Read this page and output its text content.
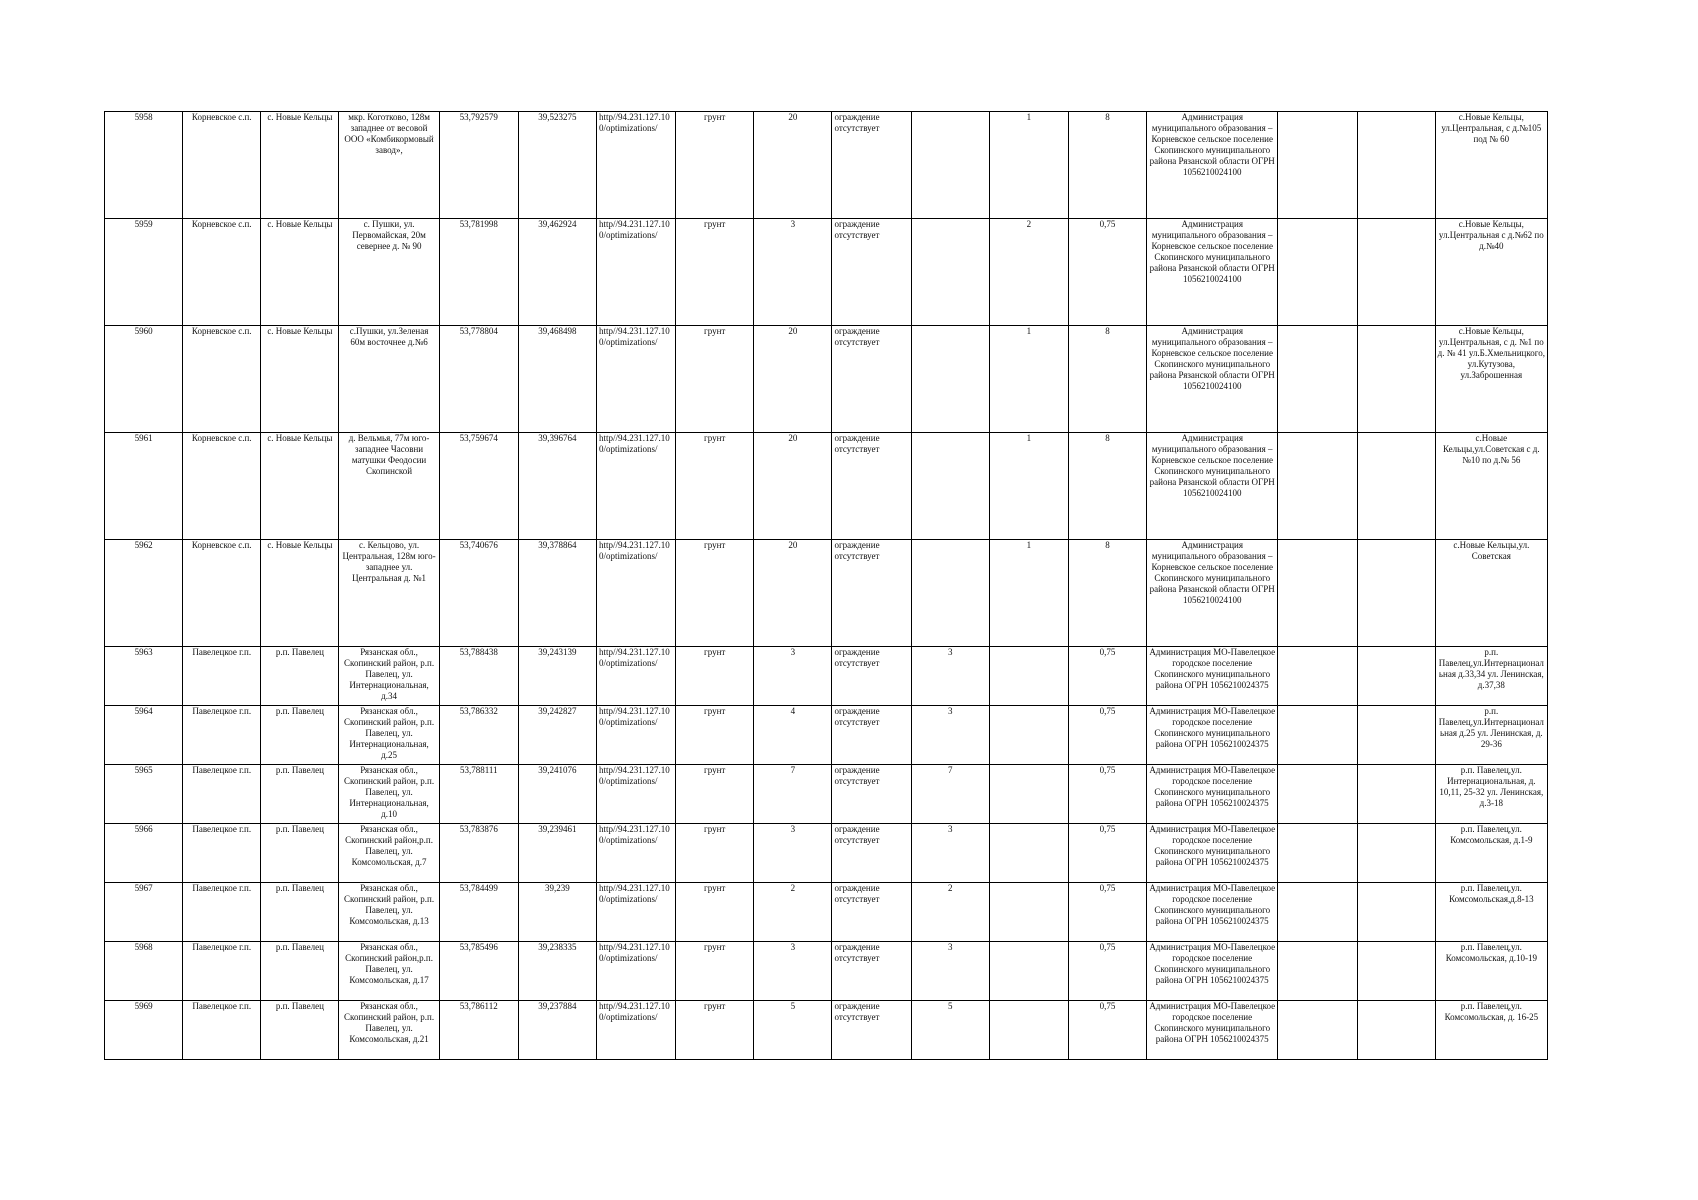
5958	Корневское с.п.	с. Новые Кельцы	мкр. Коготково, 128м западнее от весовой ООО «Комбикормовый завод»,	53,792579	39,523275	http//94.231.127.100/optimizations/	грунт	20	ограждение отсутствует		1	8	Администрация муниципального образования – Корневское сельское поселение Скопинского муниципального района Рязанской области ОГРН 1056210024100			с.Новые Кельцы, ул.Центральная, с д.№105 под № 60
5959	Корневское с.п.	с. Новые Кельцы	с. Пушки, ул. Первомайская, 20м севернее д. № 90	53,781998	39,462924	http//94.231.127.100/optimizations/	грунт	3	ограждение отсутствует		2	0,75	Администрация муниципального образования – Корневское сельское поселение Скопинского муниципального района Рязанской области ОГРН 1056210024100			с.Новые Кельцы, ул.Центральная с д.№62 по д.№40
5960	Корневское с.п.	с. Новые Кельцы	с.Пушки, ул.Зеленая 60м восточнее д.№6	53,778804	39,468498	http//94.231.127.100/optimizations/	грунт	20	ограждение отсутствует		1	8	Администрация муниципального образования – Корневское сельское поселение Скопинского муниципального района Рязанской области ОГРН 1056210024100			с.Новые Кельцы, ул.Центральная, с д. №1 по д. № 41 ул.Б.Хмельницкого, ул.Кутузова, ул.Заброшенная
5961	Корневское с.п.	с. Новые Кельцы	д. Вельмья, 77м юго-западнее Часовни матушки Феодосии Скопинской	53,759674	39,396764	http//94.231.127.100/optimizations/	грунт	20	ограждение отсутствует		1	8	Администрация муниципального образования – Корневское сельское поселение Скопинского муниципального района Рязанской области ОГРН 1056210024100			с.Новые Кельцы,ул.Советская с д.№10 по д.№ 56
5962	Корневское с.п.	с. Новые Кельцы	с. Кельцово, ул. Центральная, 128м юго-западнее ул. Центральная д. №1	53,740676	39,378864	http//94.231.127.100/optimizations/	грунт	20	ограждение отсутствует		1	8	Администрация муниципального образования – Корневское сельское поселение Скопинского муниципального района Рязанской области ОГРН 1056210024100			с.Новые Кельцы,ул. Советская
5963	Павелецкое г.п.	р.п. Павелец	Рязанская обл., Скопинский район, р.п. Павелец, ул. Интернациональная, д.34	53,788438	39,243139	http//94.231.127.100/optimizations/	грунт	3	ограждение отсутствует	3		0,75	Администрация МО-Павелецкое городское поселение Скопинского муниципального района ОГРН 1056210024375			р.п. Павелец,ул.Интернациональная д.33,34 ул. Ленинская, д.37,38
5964	Павелецкое г.п.	р.п. Павелец	Рязанская обл., Скопинский район, р.п. Павелец, ул. Интернациональная, д.25	53,786332	39,242827	http//94.231.127.100/optimizations/	грунт	4	ограждение отсутствует	3		0,75	Администрация МО-Павелецкое городское поселение Скопинского муниципального района ОГРН 1056210024375			р.п. Павелец,ул.Интернациональная д.25 ул. Ленинская, д. 29-36
5965	Павелецкое г.п.	р.п. Павелец	Рязанская обл., Скопинский район, р.п. Павелец, ул. Интернациональная, д.10	53,788111	39,241076	http//94.231.127.100/optimizations/	грунт	7	ограждение отсутствует	7		0,75	Администрация МО-Павелецкое городское поселение Скопинского муниципального района ОГРН 1056210024375			р.п. Павелец,ул. Интернациональная, д. 10,11, 25-32 ул. Ленинская, д.3-18
5966	Павелецкое г.п.	р.п. Павелец	Рязанская обл., Скопинский район,р.п. Павелец, ул. Комсомольская, д.7	53,783876	39,239461	http//94.231.127.100/optimizations/	грунт	3	ограждение отсутствует	3		0,75	Администрация МО-Павелецкое городское поселение Скопинского муниципального района ОГРН 1056210024375			р.п. Павелец,ул. Комсомольская, д.1-9
5967	Павелецкое г.п.	р.п. Павелец	Рязанская обл., Скопинский район, р.п. Павелец, ул. Комсомольская, д.13	53,784499	39,239	http//94.231.127.100/optimizations/	грунт	2	ограждение отсутствует	2		0,75	Администрация МО-Павелецкое городское поселение Скопинского муниципального района ОГРН 1056210024375			р.п. Павелец,ул. Комсомольская,д.8-13
5968	Павелецкое г.п.	р.п. Павелец	Рязанская обл., Скопинский район,р.п. Павелец, ул. Комсомольская, д.17	53,785496	39,238335	http//94.231.127.100/optimizations/	грунт	3	ограждение отсутствует	3		0,75	Администрация МО-Павелецкое городское поселение Скопинского муниципального района ОГРН 1056210024375			р.п. Павелец,ул. Комсомольская, д.10-19
5969	Павелецкое г.п.	р.п. Павелец	Рязанская обл., Скопинский район, р.п. Павелец, ул. Комсомольская, д.21	53,786112	39,237884	http//94.231.127.100/optimizations/	грунт	5	ограждение отсутствует	5		0,75	Администрация МО-Павелецкое городское поселение Скопинского муниципального района ОГРН 1056210024375			р.п. Павелец,ул. Комсомольская, д. 16-25
